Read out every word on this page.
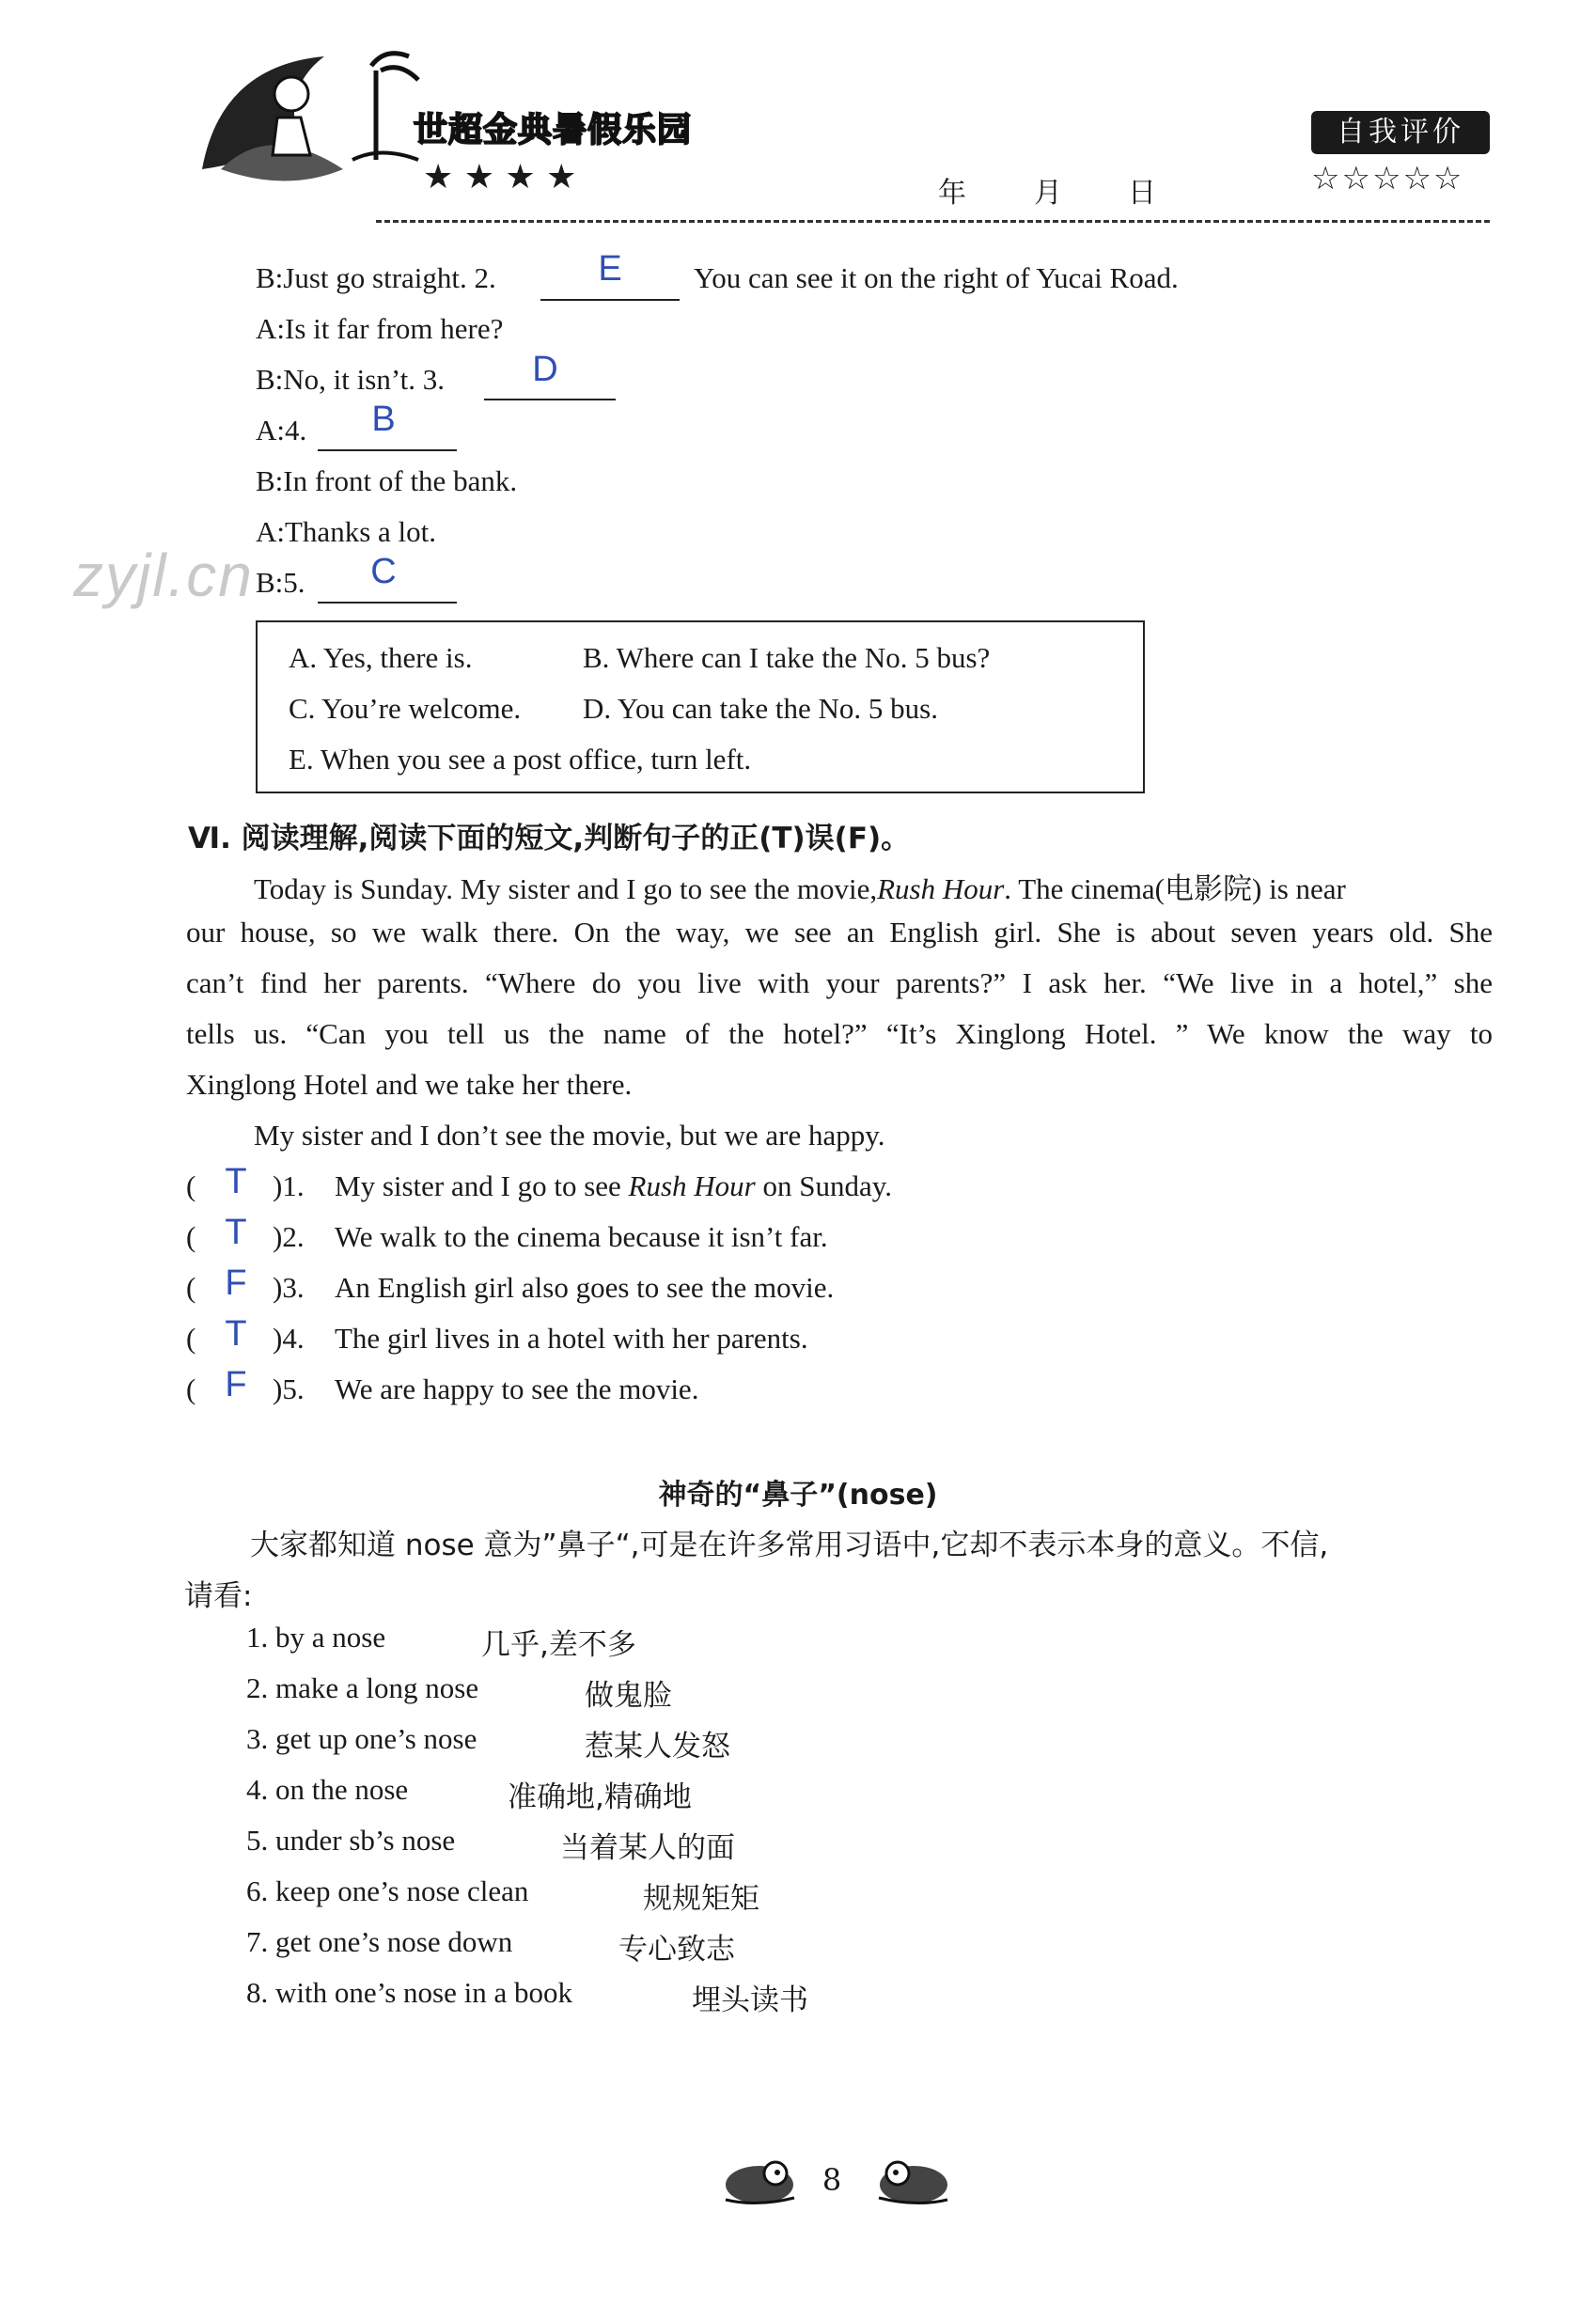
世超金典暑假乐园
★ ★ ★ ★	年 月 日
自我评价
☆☆☆☆☆
B:Just go straight. 2.	E	You can see it on the right of Yucai Road.
A:Is it far from here?
B:No, it isn’t. 3.	D
A:4.	B
B:In front of the bank.
A:Thanks a lot.
B:5.	C
zyjl.cn
A. Yes, there is.	B. Where can I take the No. 5 bus?
C. You’re welcome. D. You can take the No. 5 bus.
E. When you see a post office, turn left.
Ⅵ. 阅读理解,阅读下面的短文,判断句子的正(T)误(F)。
Today is Sunday. My sister and I go to see the movie,Rush Hour. The cinema(电影院) is near
our house, so we walk there. On the way, we see an English girl. She is about seven years old. She
can’t find her parents. “Where do you live with your parents?” I ask her. “We live in a hotel,” she
tells us. “Can you tell us the name of the hotel?” “It’s Xinglong Hotel. ” We know the way to
Xinglong Hotel and we take her there.
My sister and I don’t see the movie, but we are happy.
( T )1. My sister and I go to see Rush Hour on Sunday.
( T )2. We walk to the cinema because it isn’t far.
( F )3. An English girl also goes to see the movie.
( T )4. The girl lives in a hotel with her parents.
( F )5. We are happy to see the movie.
神奇的“鼻子”(nose)
大家都知道 nose 意为”鼻子“,可是在许多常用习语中,它却不表示本身的意义。不信,
请看:
1. by a nose	几乎,差不多
2. make a long nose	做鬼脸
3. get up one’s nose	惹某人发怒
4. on the nose	准确地,精确地
5. under sb’s nose	当着某人的面
6. keep one’s nose clean	规规矩矩
7. get one’s nose down	专心致志
8. with one’s nose in a book	埋头读书
8
